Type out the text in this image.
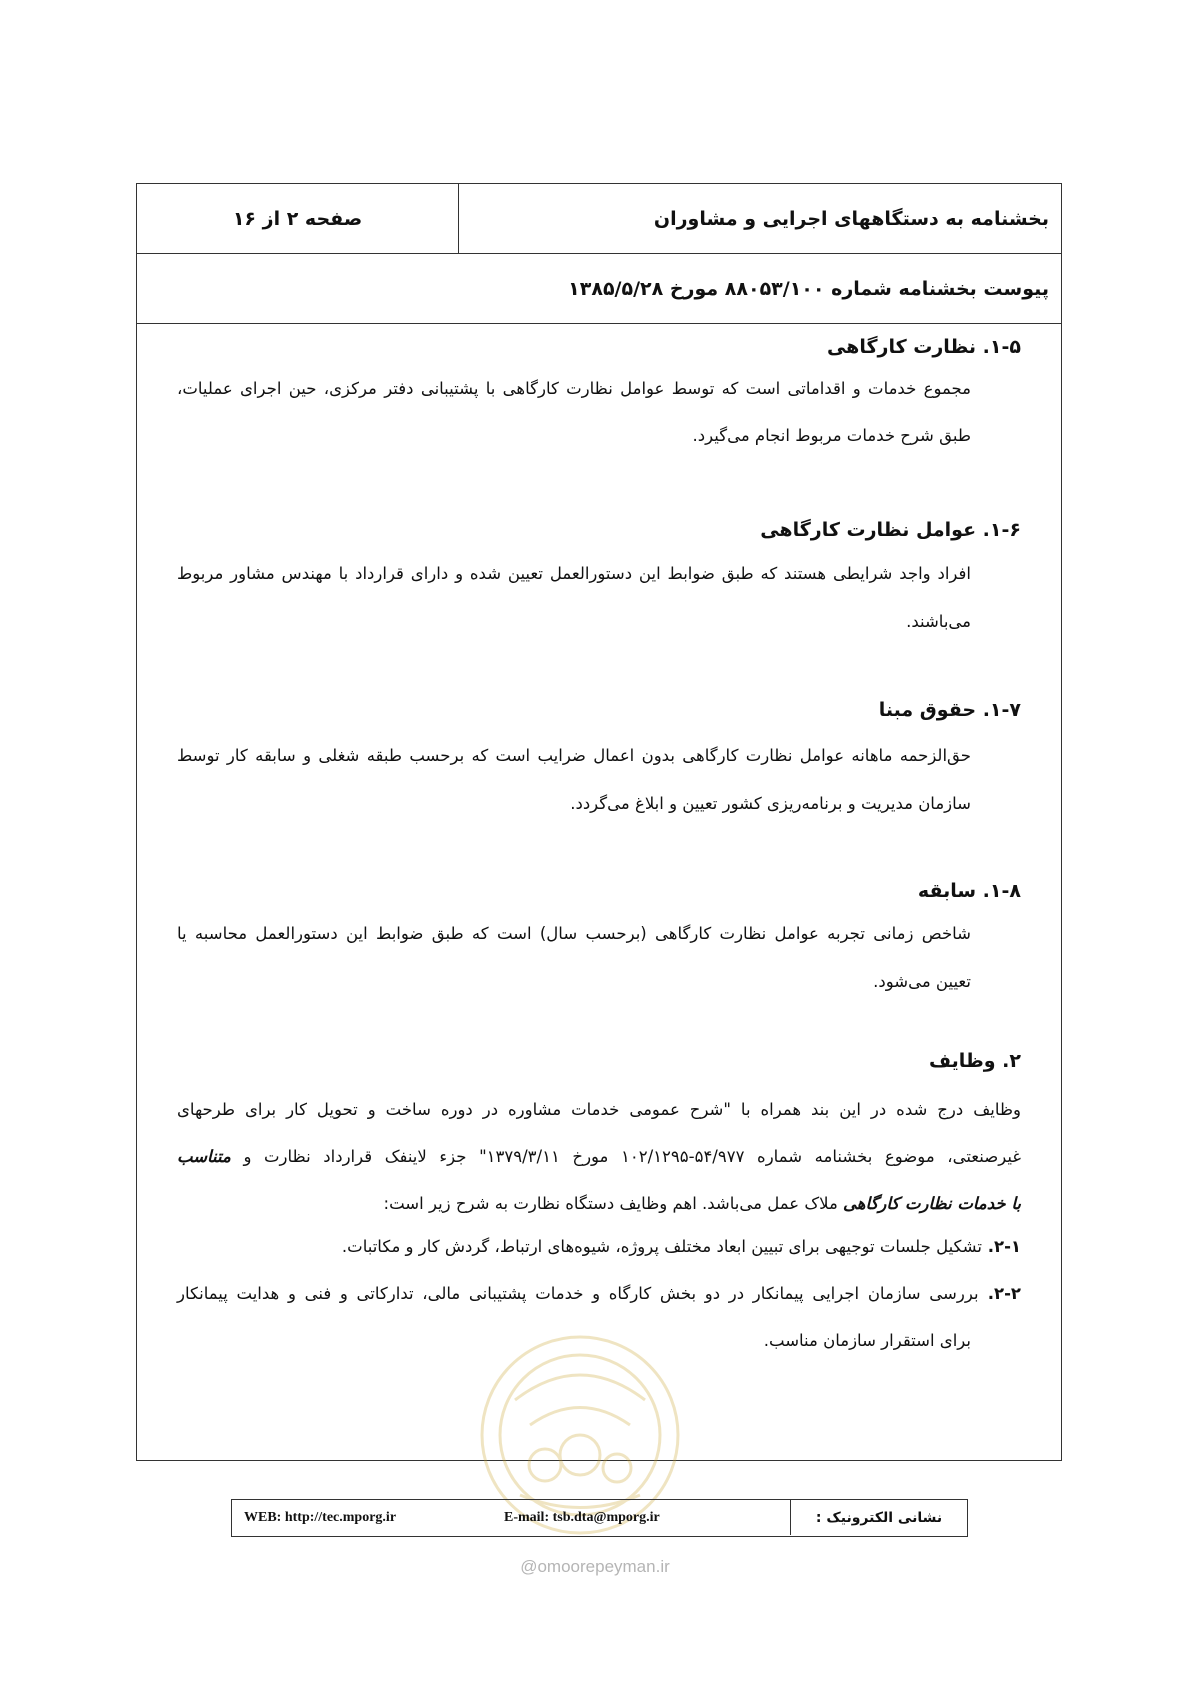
بخشنامه به دستگاههای اجرایی و مشاوران
صفحه ۲ از ۱۶
پیوست بخشنامه شماره ۸۸۰۵۳/۱۰۰ مورخ ۱۳۸۵/۵/۲۸
۱-۵. نظارت کارگاهی
مجموع خدمات و اقداماتی است که توسط عوامل نظارت کارگاهی با پشتیبانی دفتر مرکزی، حین اجرای عملیات،
طبق شرح خدمات مربوط انجام می‌گیرد.
۱-۶. عوامل نظارت کارگاهی
افراد واجد شرایطی هستند که طبق ضوابط این دستورالعمل تعیین شده و دارای قرارداد با مهندس مشاور مربوط
می‌باشند.
۱-۷. حقوق مبنا
حق‌الزحمه ماهانه عوامل نظارت کارگاهی بدون اعمال ضرایب است که برحسب طبقه شغلی و سابقه کار توسط
سازمان مدیریت و برنامه‌ریزی کشور تعیین و ابلاغ می‌گردد.
۱-۸. سابقه
شاخص زمانی تجربه عوامل نظارت کارگاهی (برحسب سال) است که طبق ضوابط این دستورالعمل محاسبه یا
تعیین می‌شود.
۲. وظایف
وظایف درج شده در این بند همراه با "شرح عمومی خدمات مشاوره در دوره ساخت و تحویل کار برای طرحهای
غیرصنعتی، موضوع بخشنامه شماره ۵۴/۹۷۷-۱۰۲/۱۲۹۵ مورخ ۱۳۷۹/۳/۱۱" جزء لاینفک قرارداد نظارت و متناسب
با خدمات نظارت کارگاهی ملاک عمل می‌باشد. اهم وظایف دستگاه نظارت به شرح زیر است:
۲-۱. تشکیل جلسات توجیهی برای تبیین ابعاد مختلف پروژه، شیوه‌های ارتباط، گردش کار و مکاتبات.
۲-۲. بررسی سازمان اجرایی پیمانکار در دو بخش کارگاه و خدمات پشتیبانی مالی، تدارکاتی و فنی و هدایت پیمانکار
برای استقرار سازمان مناسب.
نشانی الکترونیک :
E-mail: tsb.dta@mporg.ir
WEB: http://tec.mporg.ir
@omoorepeyman.ir
